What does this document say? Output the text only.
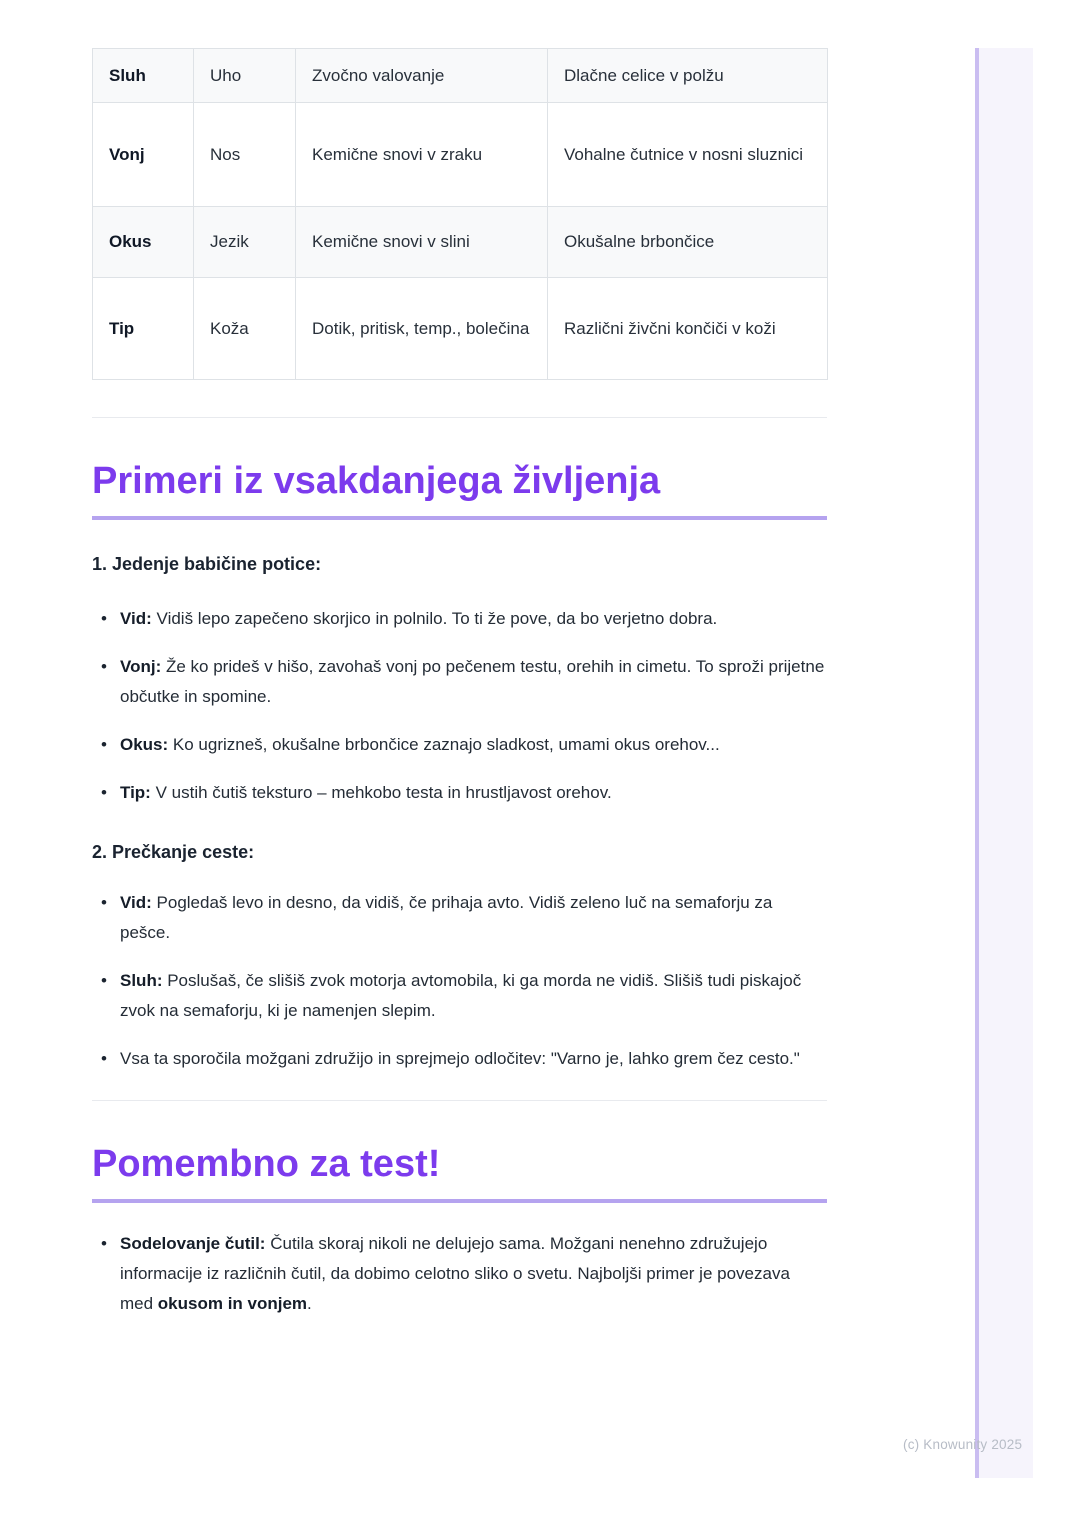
Sluh	Uho	Zvočno valovanje	Dlačne celice v polžu
Vonj	Nos	Kemične snovi v zraku	Vohalne čutnice v nosni sluznici
Okus	Jezik	Kemične snovi v slini	Okušalne brbončice
Tip	Koža	Dotik, pritisk, temp., bolečina	Različni živčni končiči v koži
Primeri iz vsakdanjega življenja

1. Jedenje babičine potice:

• Vid: Vidiš lepo zapečeno skorjico in polnilo. To ti že pove, da bo verjetno dobra.
• Vonj: Že ko prideš v hišo, zavohaš vonj po pečenem testu, orehih in cimetu. To sproži prijetne občutke in spomine.
• Okus: Ko ugrizneš, okušalne brbončice zaznajo sladkost, umami okus orehov...
• Tip: V ustih čutiš teksturo – mehkobo testa in hrustljavost orehov.

2. Prečkanje ceste:

• Vid: Pogledaš levo in desno, da vidiš, če prihaja avto. Vidiš zeleno luč na semaforju za pešce.
• Sluh: Poslušaš, če slišiš zvok motorja avtomobila, ki ga morda ne vidiš. Slišiš tudi piskajoč zvok na semaforju, ki je namenjen slepim.
• Vsa ta sporočila možgani združijo in sprejmejo odločitev: "Varno je, lahko grem čez cesto."
Pomembno za test!
• Sodelovanje čutil: Čutila skoraj nikoli ne delujejo sama. Možgani nenehno združujejo informacije iz različnih čutil, da dobimo celotno sliko o svetu. Najboljši primer je povezava med okusom in vonjem.
(c) Knowunity 2025
